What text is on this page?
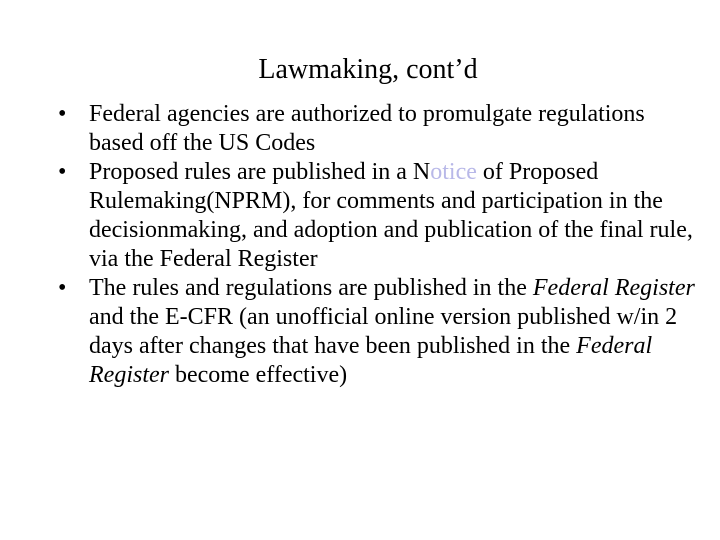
Lawmaking, cont’d
• Federal agencies are authorized to promulgate regulations based off the US Codes
• Proposed rules are published in a Notice of Proposed Rulemaking(NPRM), for comments and participation in the decisionmaking, and adoption and publication of the final rule, via the Federal Register
• The rules and regulations are published in the Federal Register and the E-CFR (an unofficial online version published w/in 2 days after changes that have been published in the Federal Register become effective)
